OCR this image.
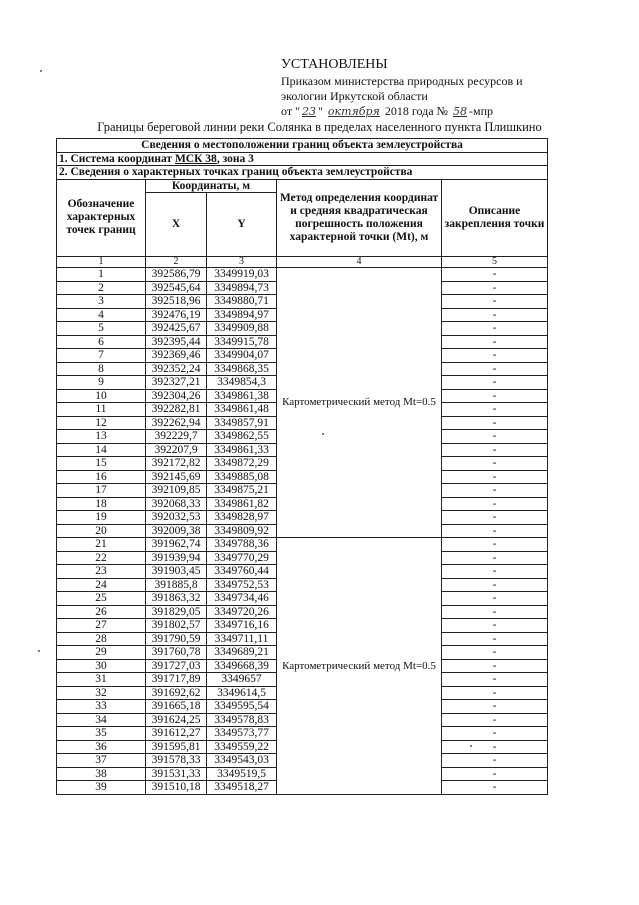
УСТАНОВЛЕНЫ
Приказом министерства природных ресурсов и
экологии Иркутской области
от " 23 " октября 2018 года № 58 -мпр
Границы береговой линии реки Солянка в пределах населенного пункта Плишкино
Сведения о местоположении границ объекта землеустройства				
1. Система координат МСК 38, зона 3				
2. Сведения о характерных точках границ объекта землеустройства				
Обозначение характерных точек границ	Координаты, м		Метод определения координат и средняя квадратическая погрешность положения характерной точки (Mt), м	Описание закрепления точки
	X	Y		
1	2	3	4	5
1	392586,79	3349919,03	Картометрический метод Mt=0.5	-
2	392545,64	3349894,73		-
3	392518,96	3349880,71		-
4	392476,19	3349894,97		-
5	392425,67	3349909,88		-
6	392395,44	3349915,78		-
7	392369,46	3349904,07		-
8	392352,24	3349868,35		-
9	392327,21	3349854,3		-
10	392304,26	3349861,38		-
11	392282,81	3349861,48		-
12	392262,94	3349857,91		-
13	392229,7	3349862,55		-
14	392207,9	3349861,33		-
15	392172,82	3349872,29		-
16	392145,69	3349885,08		-
17	392109,85	3349875,21		-
18	392068,33	3349861,82		-
19	392032,53	3349828,97		-
20	392009,38	3349809,92		-
21	391962,74	3349788,36	Картометрический метод Mt=0.5	-
22	391939,94	3349770,29		-
23	391903,45	3349760,44		-
24	391885,8	3349752,53		-
25	391863,32	3349734,46		-
26	391829,05	3349720,26		-
27	391802,57	3349716,16		-
28	391790,59	3349711,11		-
29	391760,78	3349689,21		-
30	391727,03	3349668,39		-
31	391717,89	3349657		-
32	391692,62	3349614,5		-
33	391665,18	3349595,54		-
34	391624,25	3349578,83		-
35	391612,27	3349573,77		-
36	391595,81	3349559,22		-
37	391578,33	3349543,03		-
38	391531,33	3349519,5		-
39	391510,18	3349518,27		-
